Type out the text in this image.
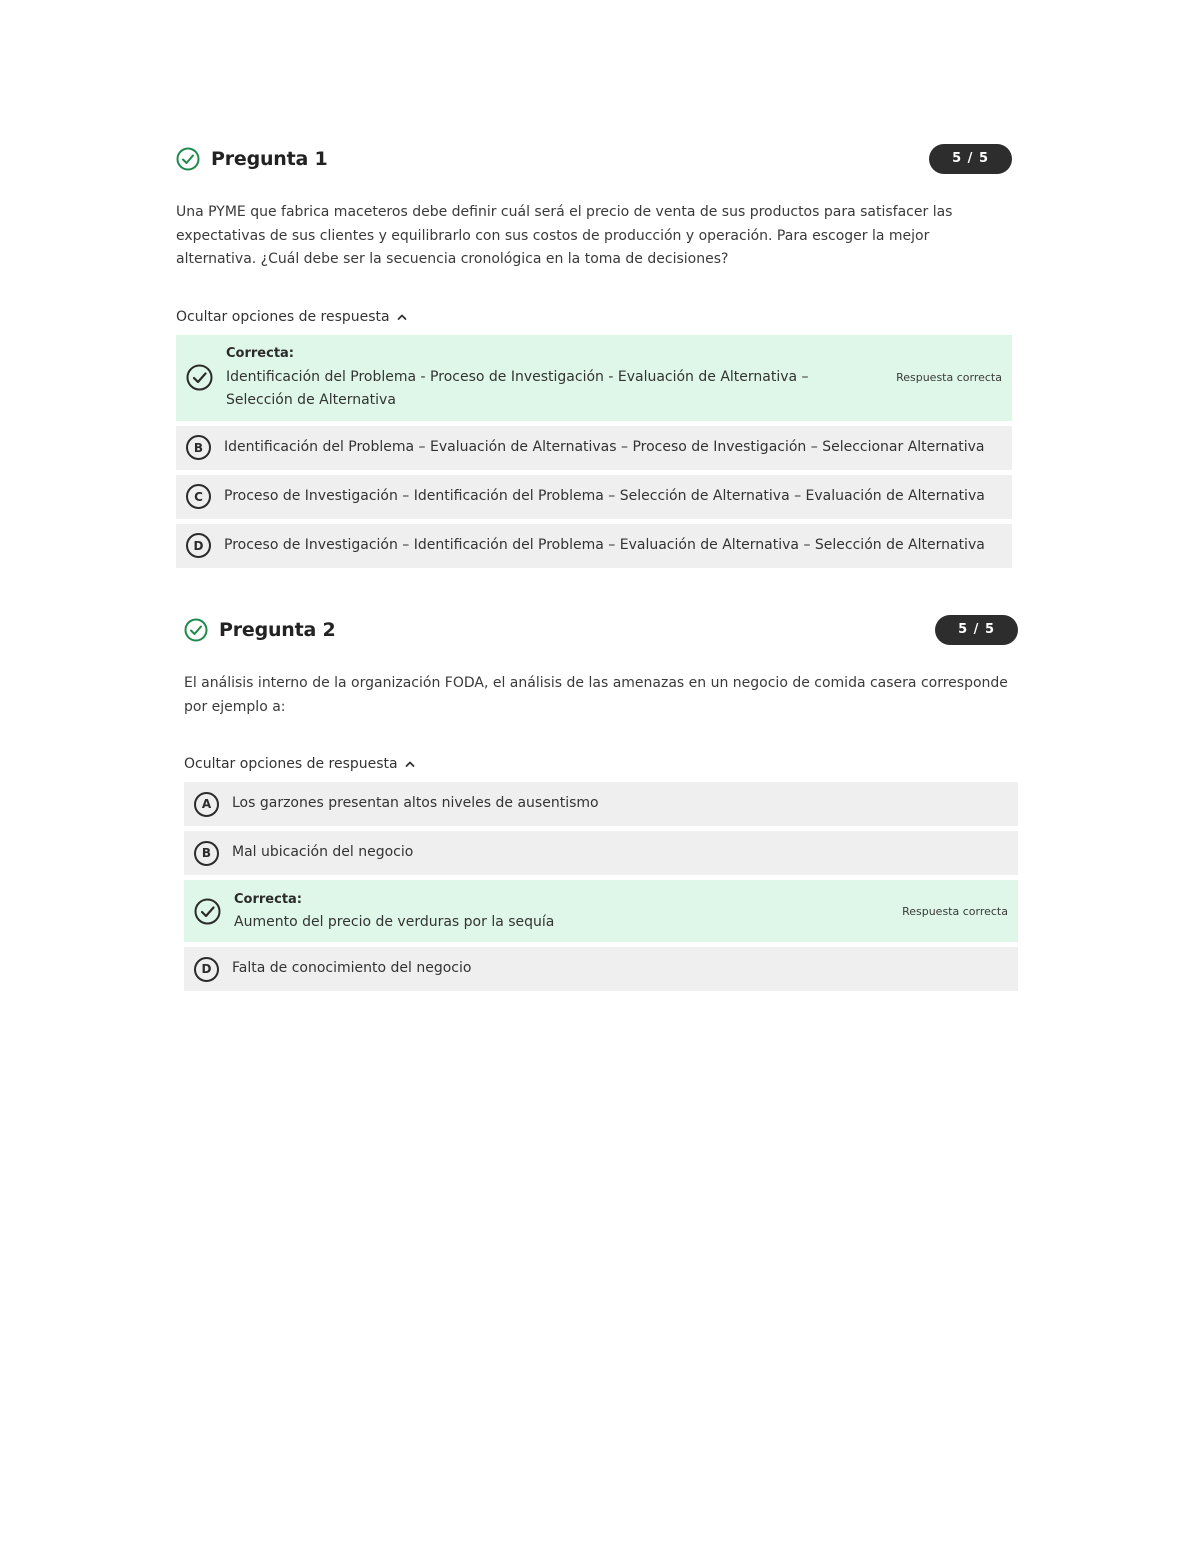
Pregunta 1	5 / 5
Una PYME que fabrica maceteros debe definir cuál será el precio de venta de sus productos para satisfacer las expectativas de sus clientes y equilibrarlo con sus costos de producción y operación. Para escoger la mejor alternativa. ¿Cuál debe ser la secuencia cronológica en la toma de decisiones?
Ocultar opciones de respuesta
Correcta:
Identificación del Problema - Proceso de Investigación - Evaluación de Alternativa – Selección de Alternativa
Respuesta correcta
B	Identificación del Problema – Evaluación de Alternativas – Proceso de Investigación – Seleccionar Alternativa
C	Proceso de Investigación – Identificación del Problema – Selección de Alternativa – Evaluación de Alternativa
D	Proceso de Investigación – Identificación del Problema – Evaluación de Alternativa – Selección de Alternativa
Pregunta 2	5 / 5
El análisis interno de la organización FODA, el análisis de las amenazas en un negocio de comida casera corresponde por ejemplo a:
Ocultar opciones de respuesta
A	Los garzones presentan altos niveles de ausentismo
B	Mal ubicación del negocio
Correcta:
Aumento del precio de verduras por la sequía
Respuesta correcta
D	Falta de conocimiento del negocio
